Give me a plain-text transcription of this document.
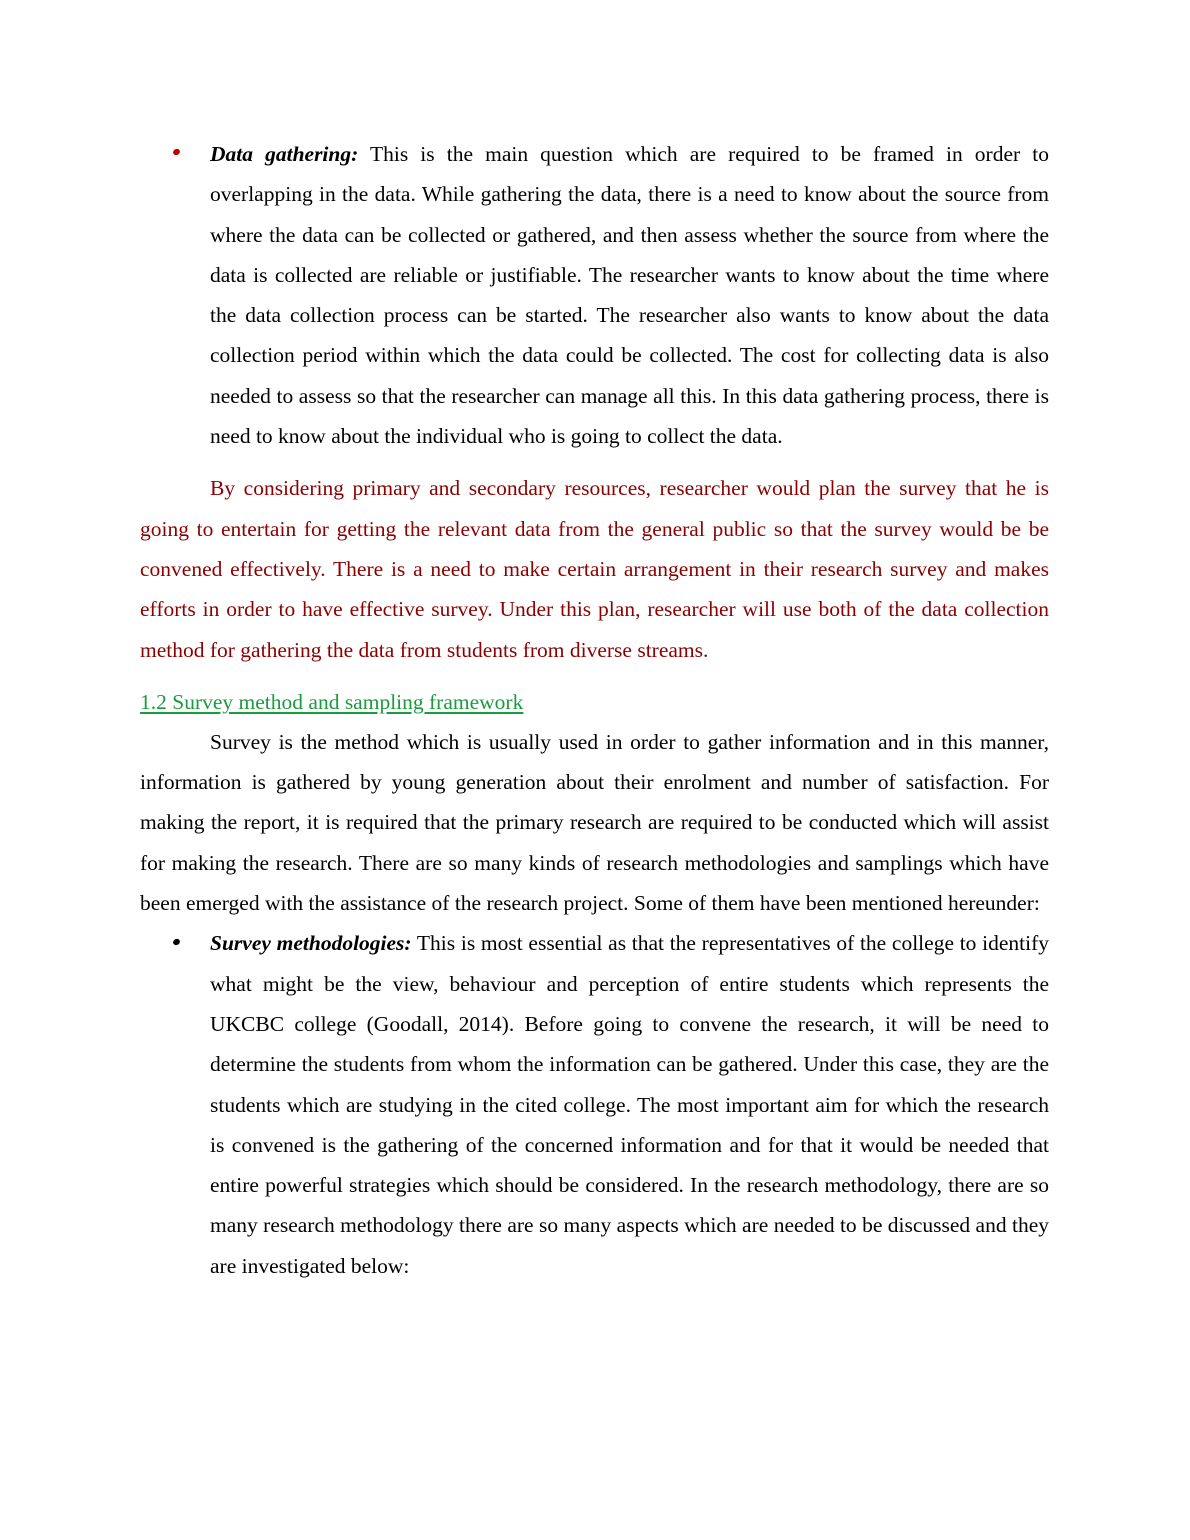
Data gathering: This is the main question which are required to be framed in order to overlapping in the data. While gathering the data, there is a need to know about the source from where the data can be collected or gathered, and then assess whether the source from where the data is collected are reliable or justifiable. The researcher wants to know about the time where the data collection process can be started. The researcher also wants to know about the data collection period within which the data could be collected. The cost for collecting data is also needed to assess so that the researcher can manage all this. In this data gathering process, there is need to know about the individual who is going to collect the data.

By considering primary and secondary resources, researcher would plan the survey that he is going to entertain for getting the relevant data from the general public so that the survey would be be convened effectively. There is a need to make certain arrangement in their research survey and makes efforts in order to have effective survey. Under this plan, researcher will use both of the data collection method for gathering the data from students from diverse streams.

1.2 Survey method and sampling framework

Survey is the method which is usually used in order to gather information and in this manner, information is gathered by young generation about their enrolment and number of satisfaction. For making the report, it is required that the primary research are required to be conducted which will assist for making the research. There are so many kinds of research methodologies and samplings which have been emerged with the assistance of the research project. Some of them have been mentioned hereunder:

Survey methodologies: This is most essential as that the representatives of the college to identify what might be the view, behaviour and perception of entire students which represents the UKCBC college (Goodall, 2014). Before going to convene the research, it will be need to determine the students from whom the information can be gathered. Under this case, they are the students which are studying in the cited college. The most important aim for which the research is convened is the gathering of the concerned information and for that it would be needed that entire powerful strategies which should be considered. In the research methodology, there are so many research methodology there are so many aspects which are needed to be discussed and they are investigated below:
